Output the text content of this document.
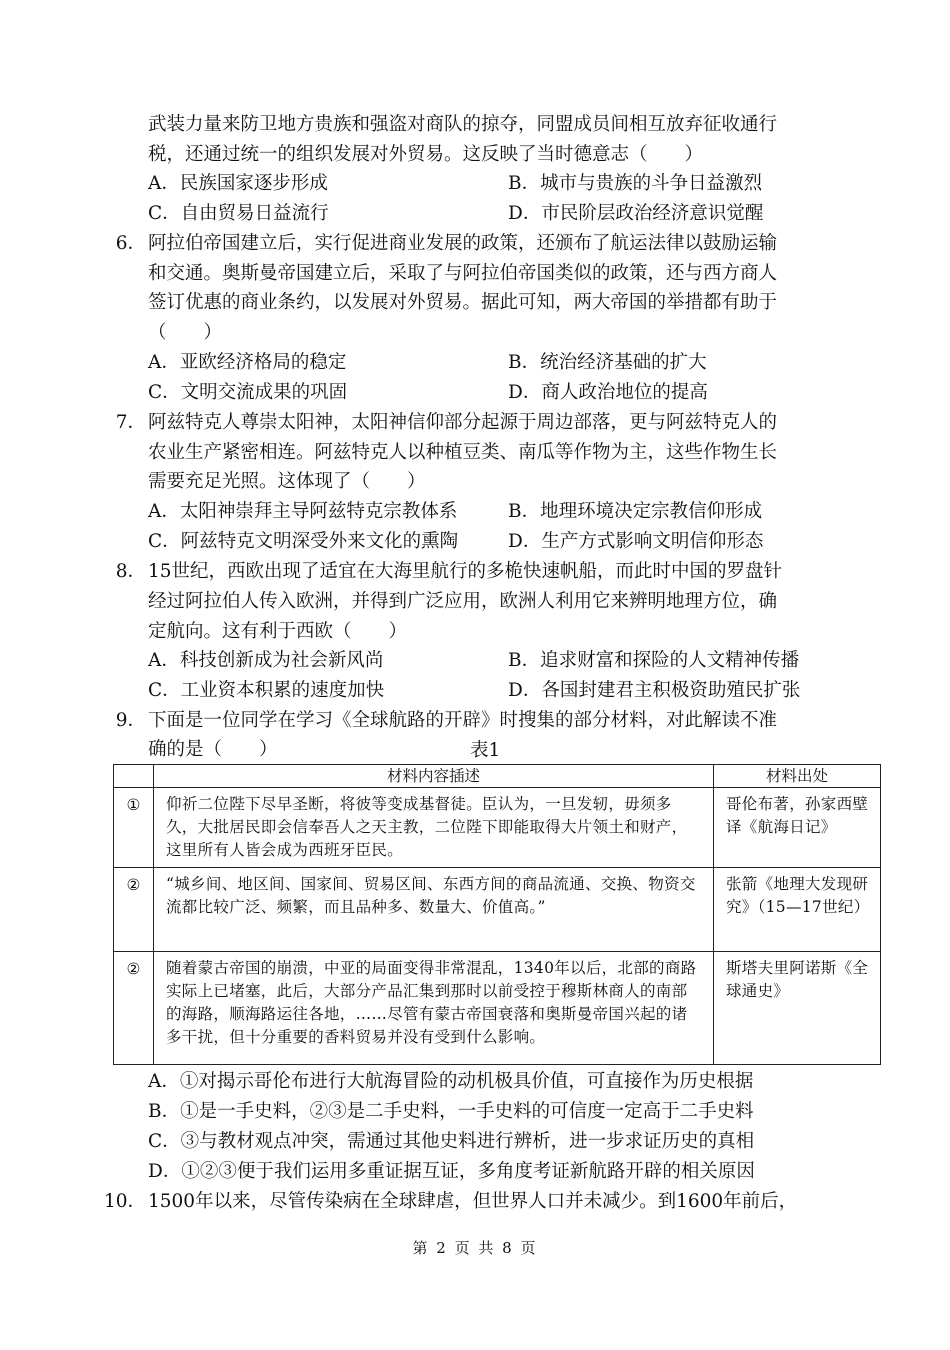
武装力量来防卫地方贵族和强盗对商队的掠夺，同盟成员间相互放弃征收通行
税，还通过统一的组织发展对外贸易。这反映了当时德意志（　　）
A．民族国家逐步形成	B．城市与贵族的斗争日益激烈
C．自由贸易日益流行	D．市民阶层政治经济意识觉醒
6． 阿拉伯帝国建立后，实行促进商业发展的政策，还颁布了航运法律以鼓励运输
和交通。奥斯曼帝国建立后，采取了与阿拉伯帝国类似的政策，还与西方商人
签订优惠的商业条约，以发展对外贸易。据此可知，两大帝国的举措都有助于
（　　）
A．亚欧经济格局的稳定	B．统治经济基础的扩大
C．文明交流成果的巩固	D．商人政治地位的提高
7． 阿兹特克人尊崇太阳神，太阳神信仰部分起源于周边部落，更与阿兹特克人的
农业生产紧密相连。阿兹特克人以种植豆类、南瓜等作物为主，这些作物生长
需要充足光照。这体现了（　　）
A．太阳神崇拜主导阿兹特克宗教体系	B．地理环境决定宗教信仰形成
C．阿兹特克文明深受外来文化的熏陶	D．生产方式影响文明信仰形态
8． 15世纪，西欧出现了适宜在大海里航行的多桅快速帆船，而此时中国的罗盘针
经过阿拉伯人传入欧洲，并得到广泛应用，欧洲人利用它来辨明地理方位，确
定航向。这有利于西欧（　　）
A．科技创新成为社会新风尚	B．追求财富和探险的人文精神传播
C．工业资本积累的速度加快	D．各国封建君主积极资助殖民扩张
9． 下面是一位同学在学习《全球航路的开辟》时搜集的部分材料，对此解读不准
确的是（　　）	表1
	材料内容插述	材料出处
①	仰祈二位陛下尽早圣断，将彼等变成基督徒。臣认为，一旦发轫，毋须多久，大批居民即会信奉吾人之天主教，二位陛下即能取得大片领土和财产，这里所有人皆会成为西班牙臣民。	哥伦布著，孙家西壁译《航海日记》
②	“城乡间、地区间、国家间、贸易区间、东西方间的商品流通、交换、物资交流都比较广泛、频繁，而且品种多、数量大、价值高。”	张箭《地理大发现研究》（15—17世纪）
②	随着蒙古帝国的崩溃，中亚的局面变得非常混乱，1340年以后，北部的商路实际上已堵塞，此后，大部分产品汇集到那时以前受控于穆斯林商人的南部的海路，顺海路运往各地，……尽管有蒙古帝国衰落和奥斯曼帝国兴起的诸多干扰，但十分重要的香料贸易并没有受到什么影响。	斯塔夫里阿诺斯《全球通史》
A．①对揭示哥伦布进行大航海冒险的动机极具价值，可直接作为历史根据
B．①是一手史料，②③是二手史料，一手史料的可信度一定高于二手史料
C．③与教材观点冲突，需通过其他史料进行辨析，进一步求证历史的真相
D．①②③便于我们运用多重证据互证，多角度考证新航路开辟的相关原因
10． 1500年以来，尽管传染病在全球肆虐，但世界人口并未减少。到1600年前后，
第 2 页 共 8 页
